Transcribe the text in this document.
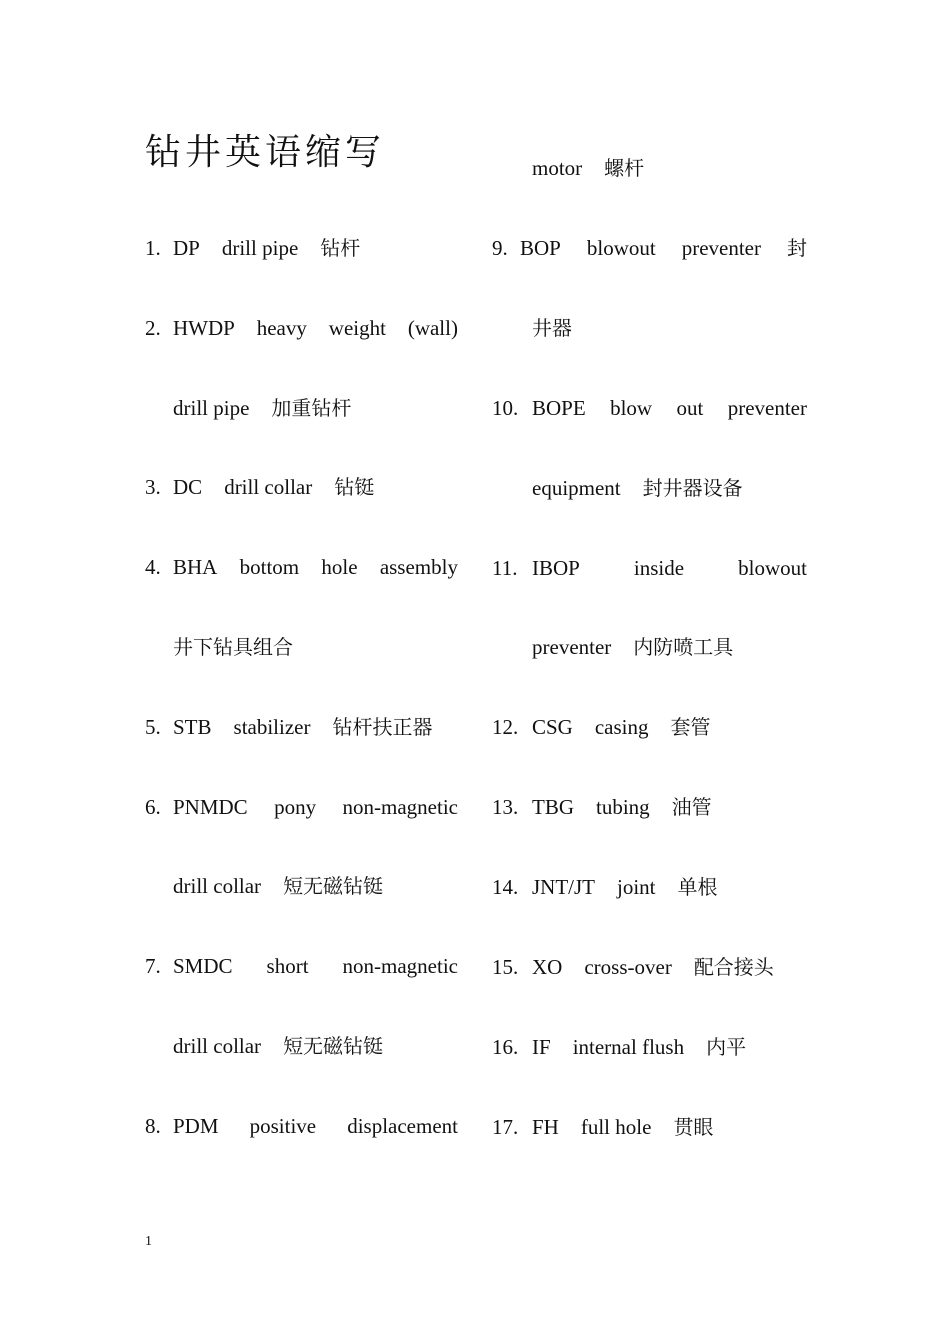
钻井英语缩写
1. DP drill pipe 钻杆
2. HWDP heavy weight (wall)
drill pipe 加重钻杆
3. DC drill collar 钻铤
4. BHA bottom hole assembly
井下钻具组合
5. STB stabilizer 钻杆扶正器
6. PNMDC pony non-magnetic
drill collar 短无磁钻铤
7. SMDC short non-magnetic
drill collar 短无磁钻铤
8. PDM positive displacement
motor 螺杆
9. BOP blowout preventer 封
井器
10. BOPE blow out preventer
equipment 封井器设备
11. IBOP	inside	blowout
preventer 内防喷工具
12. CSG casing 套管
13. TBG tubing 油管
14. JNT/JT joint 单根
15. XO cross-over 配合接头
16. IF internal flush 内平
17. FH full hole 贯眼
1
